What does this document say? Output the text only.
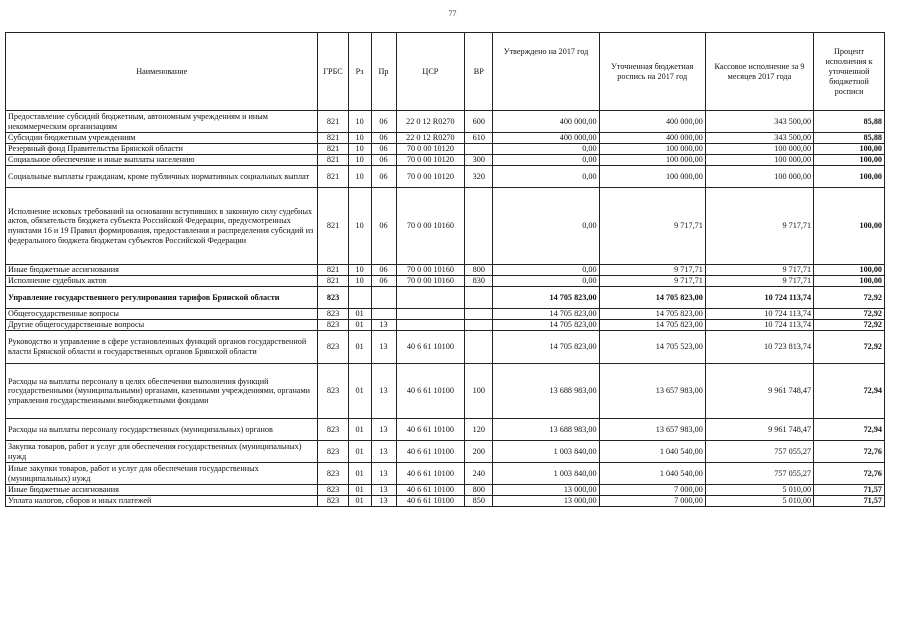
77
Наименование	ГРБС	Рз	Пр	ЦСР	ВР	Утверждено на 2017 год	Уточненная бюджетная роспись на 2017 год	Кассовое исполнение за 9 месяцев 2017 года	Процент исполнения к уточненной бюджетной росписи
Предоставление субсидий бюджетным, автономным учреждениям и иным некоммерческим организациям	821	10	06	22 0 12 R0270	600	400 000,00	400 000,00	343 500,00	85,88
Субсидии бюджетным учреждениям	821	10	06	22 0 12 R0270	610	400 000,00	400 000,00	343 500,00	85,88
Резервный фонд Правительства Брянской области	821	10	06	70 0 00 10120		0,00	100 000,00	100 000,00	100,00
Социальное обеспечение и иные выплаты населению	821	10	06	70 0 00 10120	300	0,00	100 000,00	100 000,00	100,00
Социальные выплаты гражданам, кроме публичных нормативных социальных выплат	821	10	06	70 0 00 10120	320	0,00	100 000,00	100 000,00	100,00
Исполнение исковых требований на основании вступивших в законную силу судебных актов, обязательств бюджета субъекта Российской Федерации, предусмотренных пунктами 16 и 19 Правил формирования, предоставления и распределения субсидий из федерального бюджета бюджетам субъектов Российской Федерации	821	10	06	70 0 00 10160		0,00	9 717,71	9 717,71	100,00
Иные бюджетные ассигнования	821	10	06	70 0 00 10160	800	0,00	9 717,71	9 717,71	100,00
Исполнение судебных актов	821	10	06	70 0 00 10160	830	0,00	9 717,71	9 717,71	100,00
Управление государственного регулирования тарифов Брянской области	823					14 705 823,00	14 705 823,00	10 724 113,74	72,92
Общегосударственные вопросы	823	01				14 705 823,00	14 705 823,00	10 724 113,74	72,92
Другие общегосударственные вопросы	823	01	13			14 705 823,00	14 705 823,00	10 724 113,74	72,92
Руководство и управление в сфере установленных функций органов государственной власти Брянской области и государственных органов Брянской области	823	01	13	40 6 61 10100		14 705 823,00	14 705 523,00	10 723 813,74	72,92
Расходы на выплаты персоналу в целях обеспечения выполнения функций государственными (муниципальными) органами, казенными учреждениями, органами управления государственными внебюджетными фондами	823	01	13	40 6 61 10100	100	13 688 983,00	13 657 983,00	9 961 748,47	72,94
Расходы на выплаты персоналу государственных (муниципальных) органов	823	01	13	40 6 61 10100	120	13 688 983,00	13 657 983,00	9 961 748,47	72,94
Закупка товаров, работ и услуг для обеспечения государственных (муниципальных) нужд	823	01	13	40 6 61 10100	200	1 003 840,00	1 040 540,00	757 055,27	72,76
Иные закупки товаров, работ и услуг для обеспечения государственных (муниципальных) нужд	823	01	13	40 6 61 10100	240	1 003 840,00	1 040 540,00	757 055,27	72,76
Иные бюджетные ассигнования	823	01	13	40 6 61 10100	800	13 000,00	7 000,00	5 010,00	71,57
Уплата налогов, сборов и иных платежей	823	01	13	40 6 61 10100	850	13 000,00	7 000,00	5 010,00	71,57
